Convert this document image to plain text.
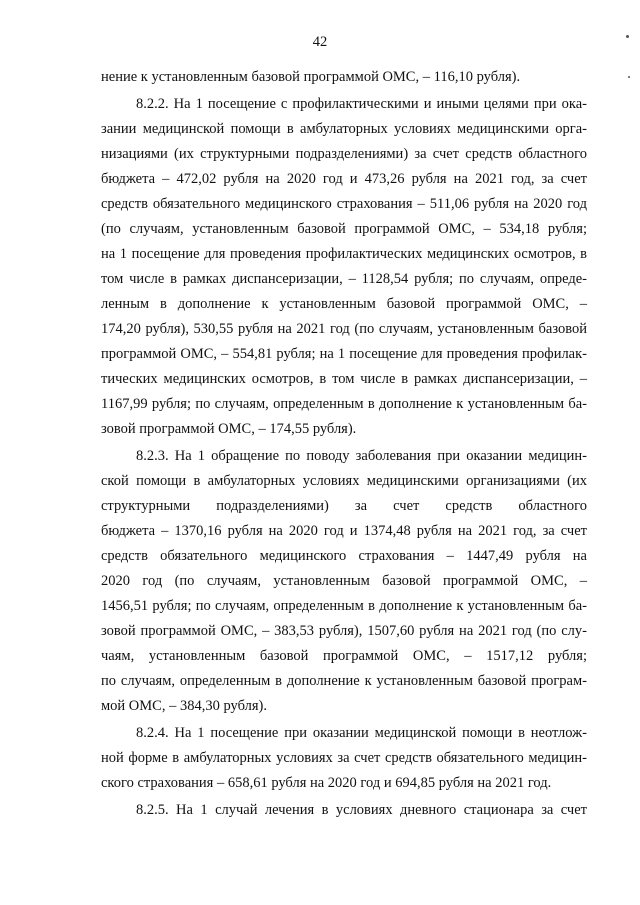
42
нение к установленным базовой программой ОМС, – 116,10 рубля).
8.2.2. На 1 посещение с профилактическими и иными целями при ока-
зании медицинской помощи в амбулаторных условиях медицинскими орга-
низациями (их структурными подразделениями) за счет средств областного
бюджета – 472,02 рубля на 2020 год и 473,26 рубля на 2021 год, за счет
средств обязательного медицинского страхования – 511,06 рубля на 2020 год
(по случаям, установленным базовой программой ОМС, – 534,18 рубля;
на 1 посещение для проведения профилактических медицинских осмотров, в
том числе в рамках диспансеризации, – 1128,54 рубля; по случаям, опреде-
ленным в дополнение к установленным базовой программой ОМС, –
174,20 рубля), 530,55 рубля на 2021 год (по случаям, установленным базовой
программой ОМС, – 554,81 рубля; на 1 посещение для проведения профилак-
тических медицинских осмотров, в том числе в рамках диспансеризации, –
1167,99 рубля; по случаям, определенным в дополнение к установленным ба-
зовой программой ОМС, – 174,55 рубля).
8.2.3. На 1 обращение по поводу заболевания при оказании медицин-
ской помощи в амбулаторных условиях медицинскими организациями (их
структурными подразделениями) за счет средств областного
бюджета – 1370,16 рубля на 2020 год и 1374,48 рубля на 2021 год, за счет
средств обязательного медицинского страхования – 1447,49 рубля на
2020 год (по случаям, установленным базовой программой ОМС, –
1456,51 рубля; по случаям, определенным в дополнение к установленным ба-
зовой программой ОМС, – 383,53 рубля), 1507,60 рубля на 2021 год (по слу-
чаям, установленным базовой программой ОМС, – 1517,12 рубля;
по случаям, определенным в дополнение к установленным базовой програм-
мой ОМС, – 384,30 рубля).
8.2.4. На 1 посещение при оказании медицинской помощи в неотлож-
ной форме в амбулаторных условиях за счет средств обязательного медицин-
ского страхования – 658,61 рубля на 2020 год и 694,85 рубля на 2021 год.
8.2.5. На 1 случай лечения в условиях дневного стационара за счет
